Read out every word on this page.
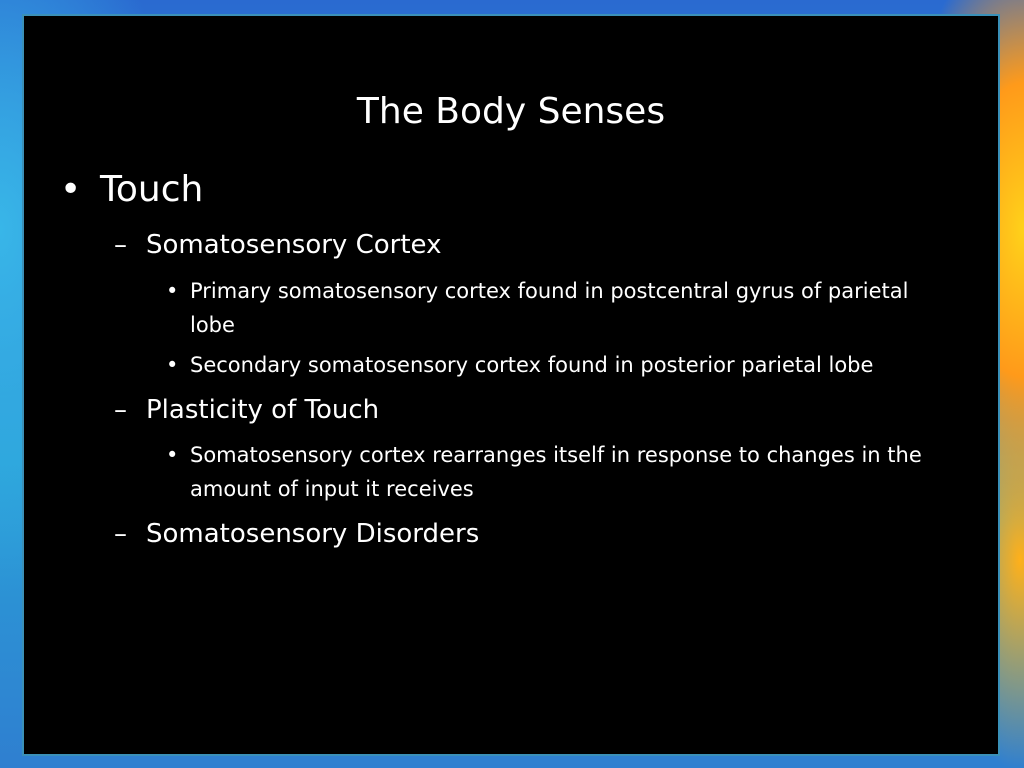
The Body Senses
• Touch
– Somatosensory Cortex
• Primary somatosensory cortex found in postcentral gyrus of parietal lobe
• Secondary somatosensory cortex found in posterior parietal lobe
– Plasticity of Touch
• Somatosensory cortex rearranges itself in response to changes in the amount of input it receives
– Somatosensory Disorders
